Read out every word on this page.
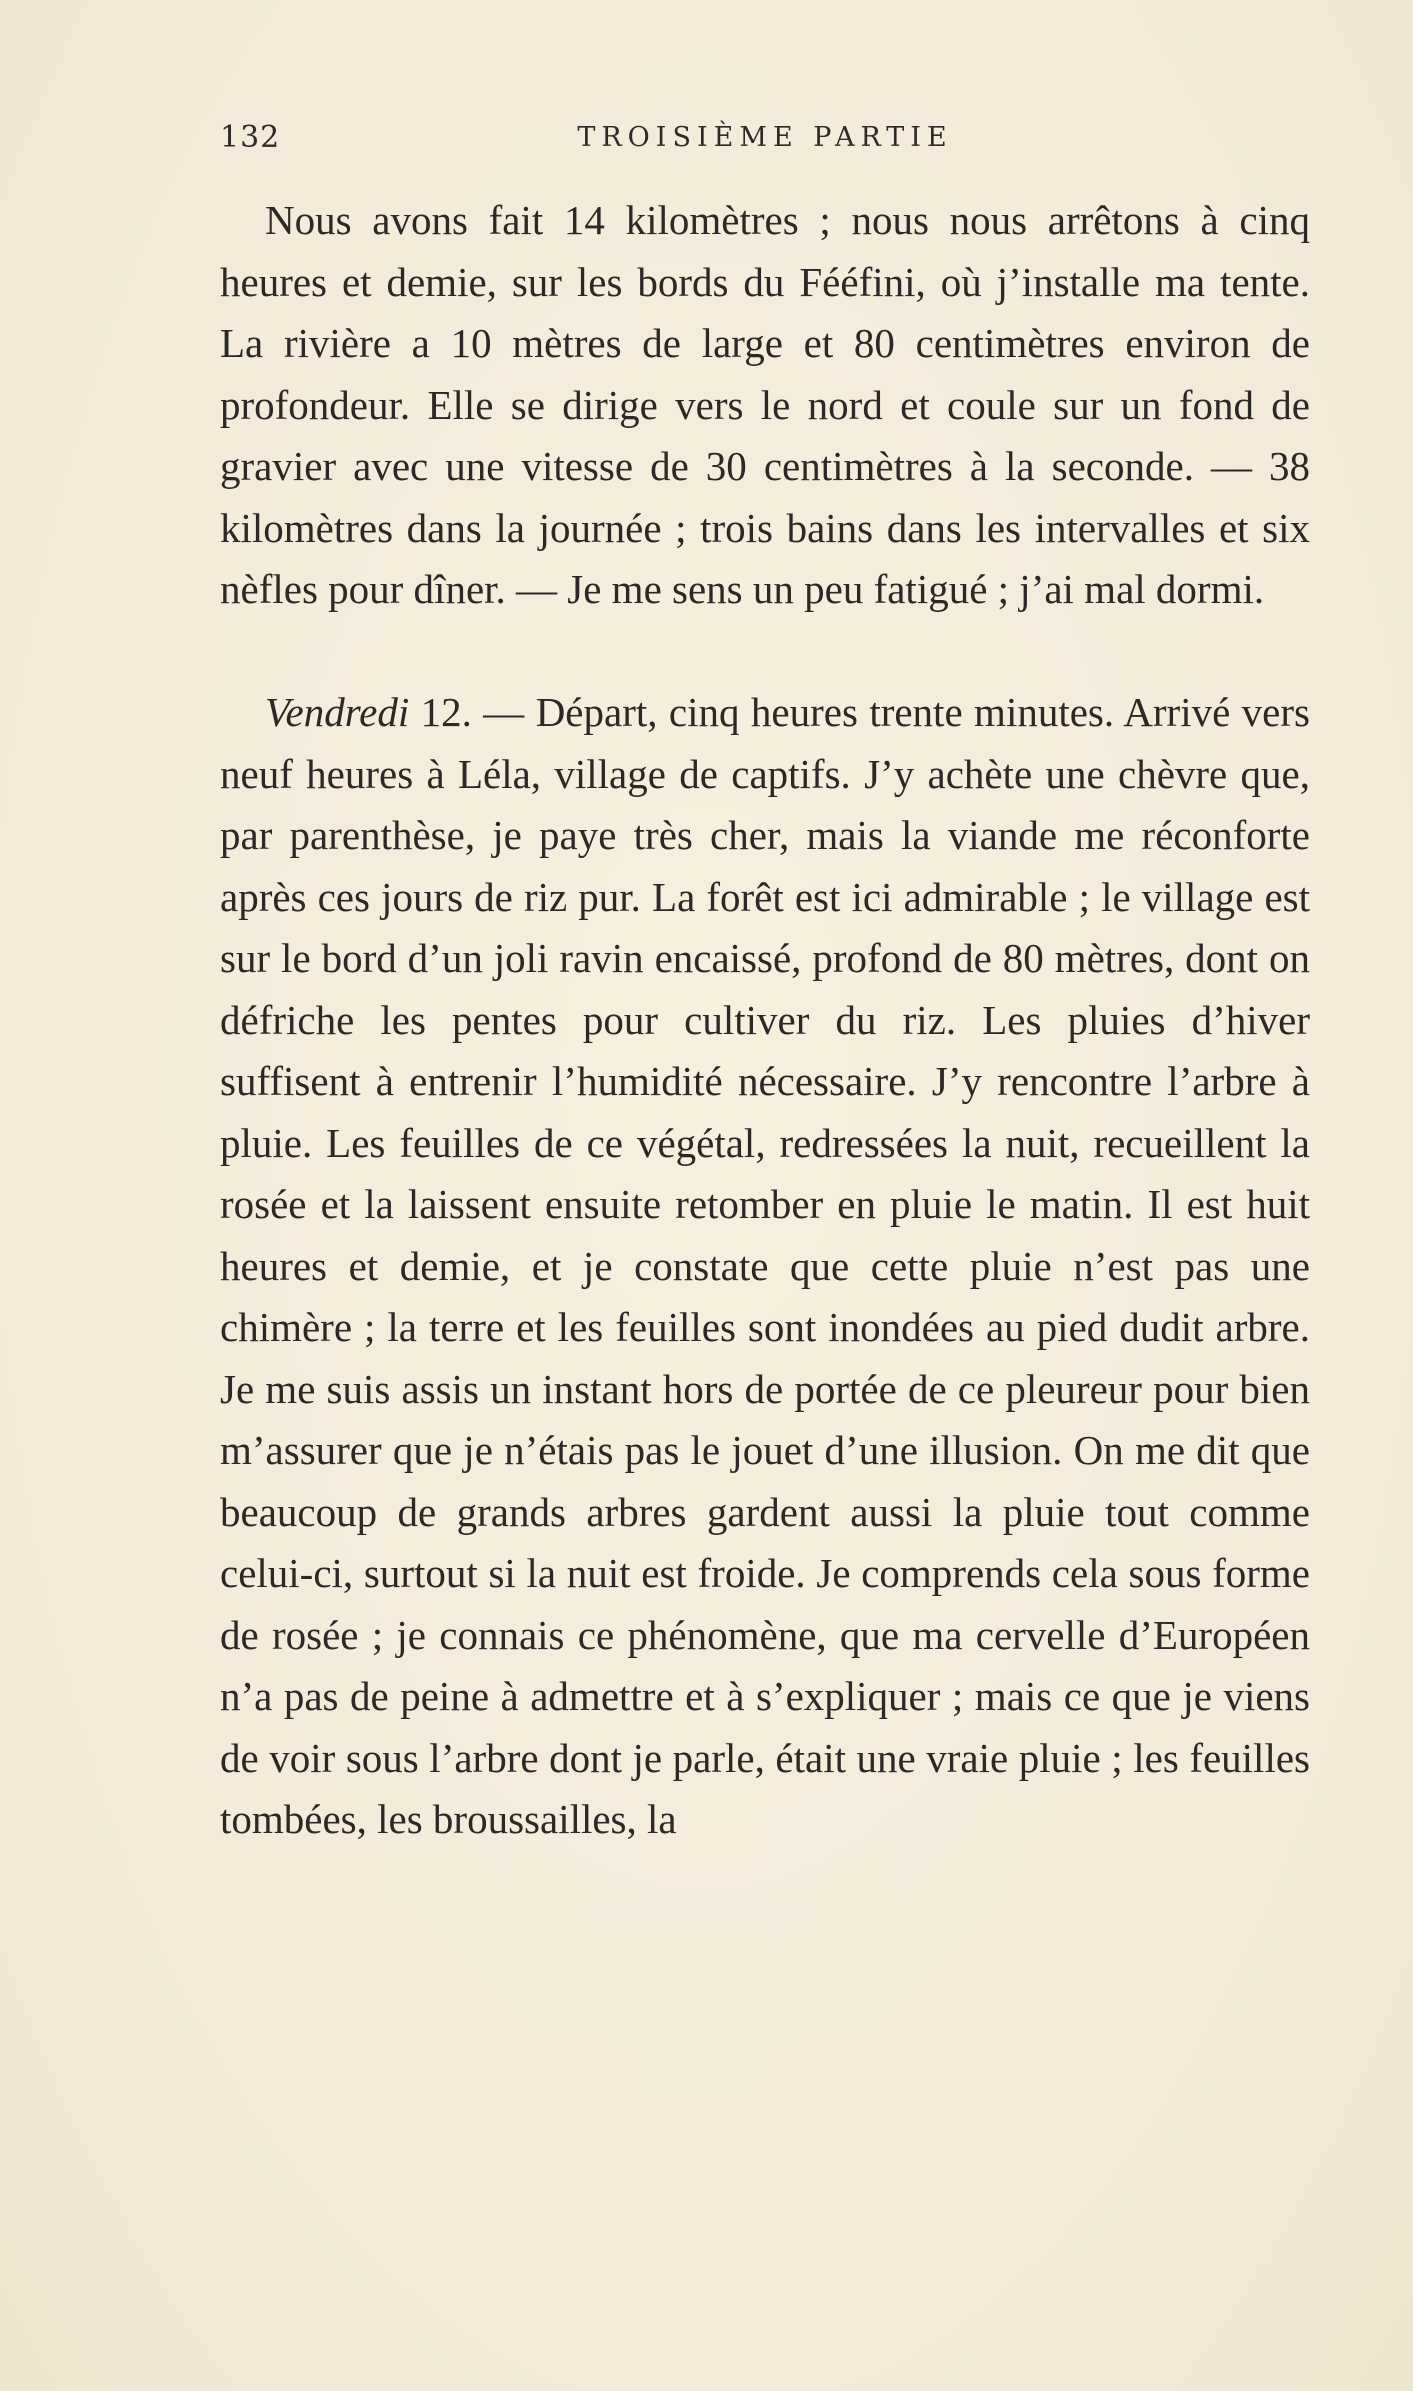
132	TROISIÈME PARTIE

Nous avons fait 14 kilomètres ; nous nous arrêtons à cinq heures et demie, sur les bords du Fééfini, où j’installe ma tente. La rivière a 10 mètres de large et 80 centimètres environ de profondeur. Elle se dirige vers le nord et coule sur un fond de gravier avec une vitesse de 30 centimètres à la seconde. — 38 kilomètres dans la journée ; trois bains dans les intervalles et six nèfles pour dîner. — Je me sens un peu fatigué ; j’ai mal dormi.

Vendredi 12. — Départ, cinq heures trente minutes. Arrivé vers neuf heures à Léla, village de captifs. J’y achète une chèvre que, par parenthèse, je paye très cher, mais la viande me réconforte après ces jours de riz pur. La forêt est ici admirable ; le village est sur le bord d’un joli ravin encaissé, profond de 80 mètres, dont on défriche les pentes pour cultiver du riz. Les pluies d’hiver suffisent à entrenir l’humidité nécessaire. J’y rencontre l’arbre à pluie. Les feuilles de ce végétal, redressées la nuit, recueillent la rosée et la laissent ensuite retomber en pluie le matin. Il est huit heures et demie, et je constate que cette pluie n’est pas une chimère ; la terre et les feuilles sont inondées au pied dudit arbre. Je me suis assis un instant hors de portée de ce pleureur pour bien m’assurer que je n’étais pas le jouet d’une illusion. On me dit que beaucoup de grands arbres gardent aussi la pluie tout comme celui-ci, surtout si la nuit est froide. Je comprends cela sous forme de rosée ; je connais ce phénomène, que ma cervelle d’Européen n’a pas de peine à admettre et à s’expliquer ; mais ce que je viens de voir sous l’arbre dont je parle, était une vraie pluie ; les feuilles tombées, les broussailles, la
